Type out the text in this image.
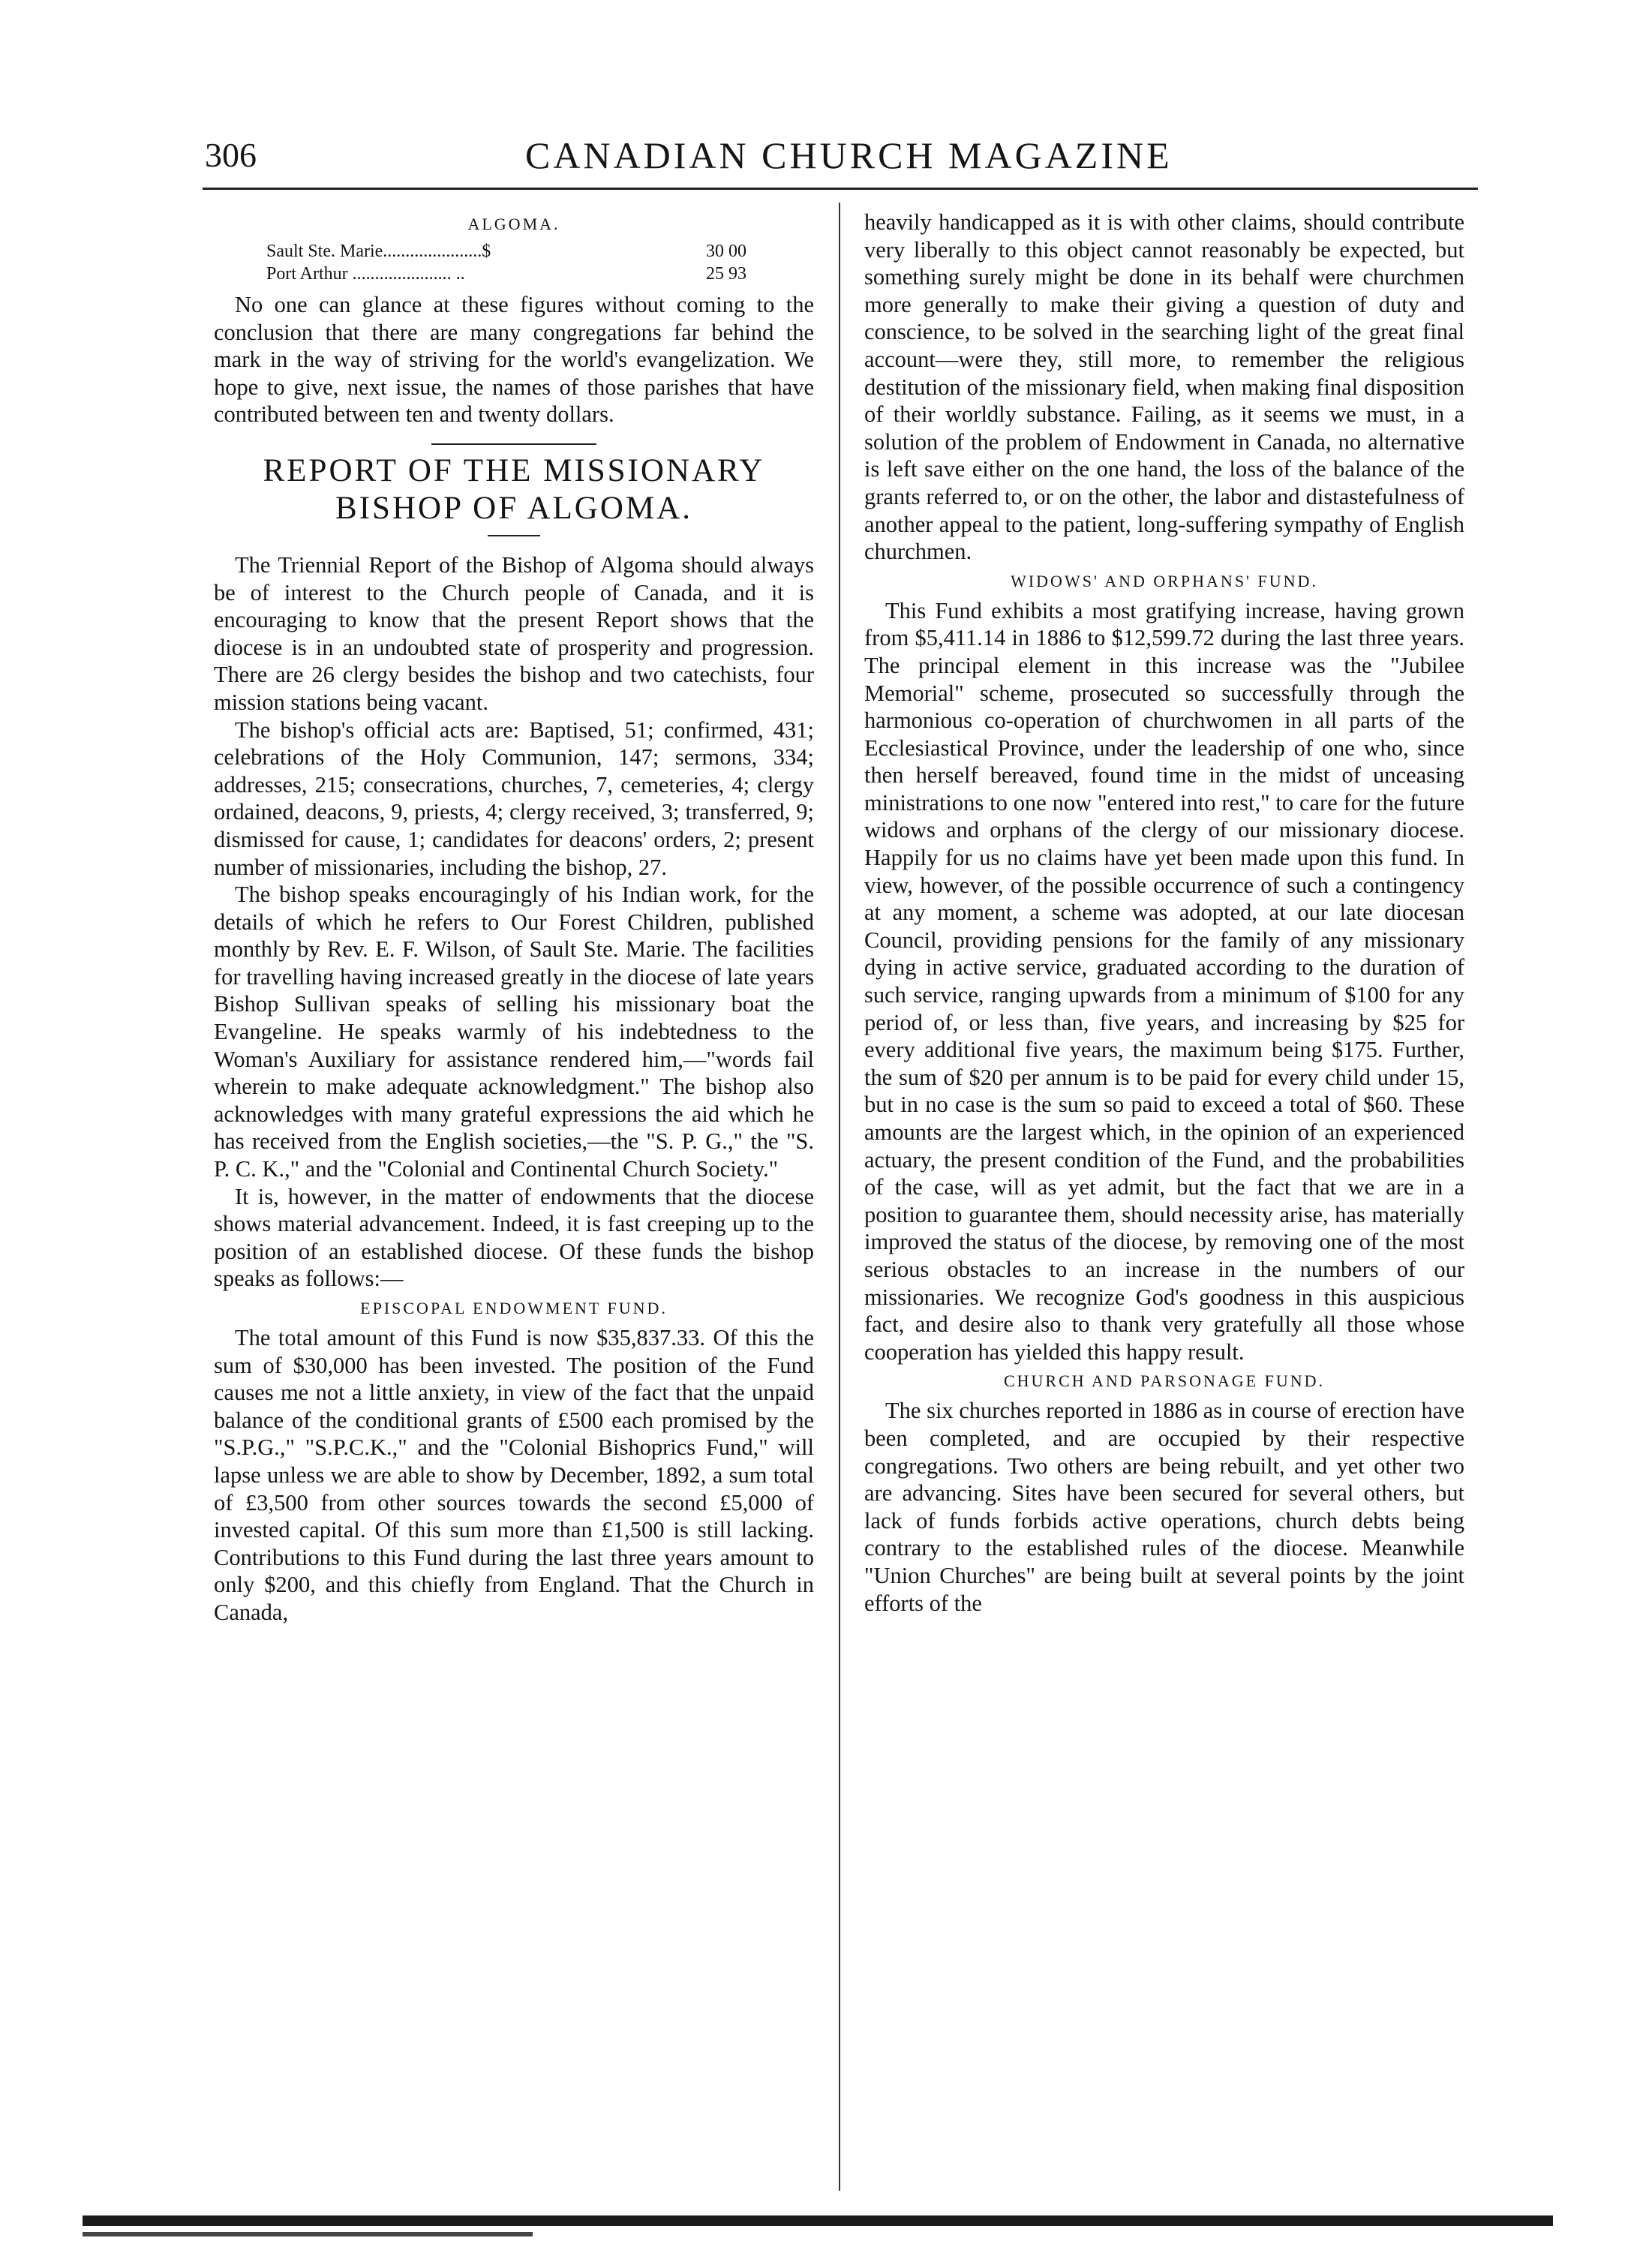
306	CANADIAN CHURCH MAGAZINE
ALGOMA.
Sault Ste. Marie......................$	30 00
Port Arthur ...................... ..	25 93

No one can glance at these figures without coming to the conclusion that there are many congregations far behind the mark in the way of striving for the world's evangelization. We hope to give, next issue, the names of those parishes that have contributed between ten and twenty dollars.

REPORT OF THE MISSIONARY
BISHOP OF ALGOMA.

The Triennial Report of the Bishop of Algoma should always be of interest to the Church people of Canada, and it is encouraging to know that the present Report shows that the diocese is in an undoubted state of prosperity and progression. There are 26 clergy besides the bishop and two catechists, four mission stations being vacant.

The bishop's official acts are: Baptised, 51; confirmed, 431; celebrations of the Holy Communion, 147; sermons, 334; addresses, 215; consecrations, churches, 7, cemeteries, 4; clergy ordained, deacons, 9, priests, 4; clergy received, 3; transferred, 9; dismissed for cause, 1; candidates for deacons' orders, 2; present number of missionaries, including the bishop, 27.

The bishop speaks encouragingly of his Indian work, for the details of which he refers to Our Forest Children, published monthly by Rev. E. F. Wilson, of Sault Ste. Marie. The facilities for travelling having increased greatly in the diocese of late years Bishop Sullivan speaks of selling his missionary boat the Evangeline. He speaks warmly of his indebtedness to the Woman's Auxiliary for assistance rendered him,—"words fail wherein to make adequate acknowledgment." The bishop also acknowledges with many grateful expressions the aid which he has received from the English societies,—the "S. P. G.," the "S. P. C. K.," and the "Colonial and Continental Church Society."

It is, however, in the matter of endowments that the diocese shows material advancement. Indeed, it is fast creeping up to the position of an established diocese. Of these funds the bishop speaks as follows:—

EPISCOPAL ENDOWMENT FUND.

The total amount of this Fund is now $35,837.33. Of this the sum of $30,000 has been invested. The position of the Fund causes me not a little anxiety, in view of the fact that the unpaid balance of the conditional grants of £500 each promised by the "S.P.G.," "S.P.C.K.," and the "Colonial Bishoprics Fund," will lapse unless we are able to show by December, 1892, a sum total of £3,500 from other sources towards the second £5,000 of invested capital. Of this sum more than £1,500 is still lacking. Contributions to this Fund during the last three years amount to only $200, and this chiefly from England. That the Church in Canada,

heavily handicapped as it is with other claims, should contribute very liberally to this object cannot reasonably be expected, but something surely might be done in its behalf were churchmen more generally to make their giving a question of duty and conscience, to be solved in the searching light of the great final account—were they, still more, to remember the religious destitution of the missionary field, when making final disposition of their worldly substance. Failing, as it seems we must, in a solution of the problem of Endowment in Canada, no alternative is left save either on the one hand, the loss of the balance of the grants referred to, or on the other, the labor and distastefulness of another appeal to the patient, long-suffering sympathy of English churchmen.

WIDOWS' AND ORPHANS' FUND.

This Fund exhibits a most gratifying increase, having grown from $5,411.14 in 1886 to $12,599.72 during the last three years. The principal element in this increase was the "Jubilee Memorial" scheme, prosecuted so successfully through the harmonious co-operation of churchwomen in all parts of the Ecclesiastical Province, under the leadership of one who, since then herself bereaved, found time in the midst of unceasing ministrations to one now "entered into rest," to care for the future widows and orphans of the clergy of our missionary diocese. Happily for us no claims have yet been made upon this fund. In view, however, of the possible occurrence of such a contingency at any moment, a scheme was adopted, at our late diocesan Council, providing pensions for the family of any missionary dying in active service, graduated according to the duration of such service, ranging upwards from a minimum of $100 for any period of, or less than, five years, and increasing by $25 for every additional five years, the maximum being $175. Further, the sum of $20 per annum is to be paid for every child under 15, but in no case is the sum so paid to exceed a total of $60. These amounts are the largest which, in the opinion of an experienced actuary, the present condition of the Fund, and the probabilities of the case, will as yet admit, but the fact that we are in a position to guarantee them, should necessity arise, has materially improved the status of the diocese, by removing one of the most serious obstacles to an increase in the numbers of our missionaries. We recognize God's goodness in this auspicious fact, and desire also to thank very gratefully all those whose cooperation has yielded this happy result.

CHURCH AND PARSONAGE FUND.

The six churches reported in 1886 as in course of erection have been completed, and are occupied by their respective congregations. Two others are being rebuilt, and yet other two are advancing. Sites have been secured for several others, but lack of funds forbids active operations, church debts being contrary to the established rules of the diocese. Meanwhile "Union Churches" are being built at several points by the joint efforts of the
